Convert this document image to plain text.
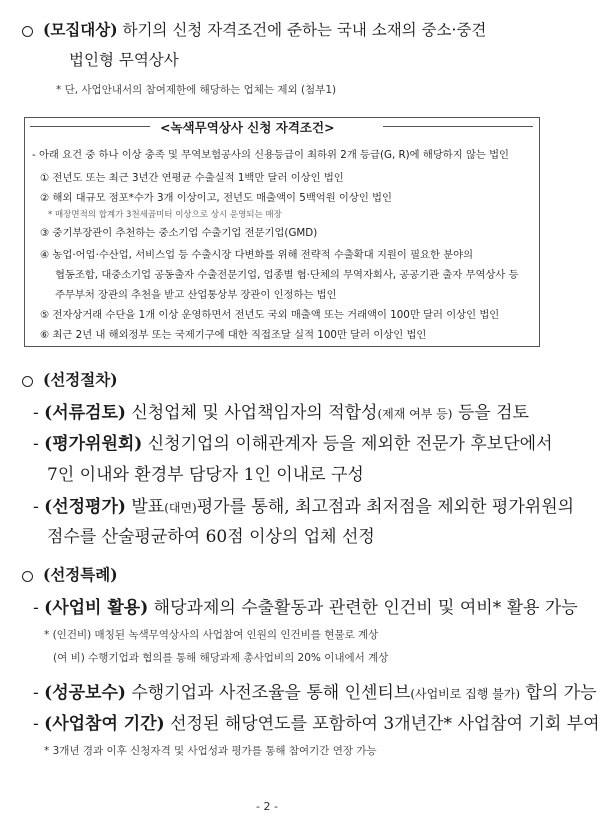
(모집대상) 하기의 신청 자격조건에 준하는 국내 소재의 중소·중견
법인형 무역상사
* 단, 사업안내서의 참여제한에 해당하는 업체는 제외 (첨부1)
<녹색무역상사 신청 자격조건>
- 아래 요건 중 하나 이상 충족 및 무역보험공사의 신용등급이 최하위 2개 등급(G, R)에 해당하지 않는 법인
① 전년도 또는 최근 3년간 연평균 수출실적 1백만 달러 이상인 법인
② 해외 대규모 점포*수가 3개 이상이고, 전년도 매출액이 5백억원 이상인 법인
* 매장면적의 합계가 3천세곱미터 이상으로 상시 운영되는 매장
③ 중기부장관이 추천하는 중소기업 수출기업 전문기업(GMD)
④ 농업·어업·수산업, 서비스업 등 수출시장 다변화를 위해 전략적 수출확대 지원이 필요한 분야의
협동조합, 대중소기업 공동출자 수출전문기업, 업종별 협·단체의 무역자회사, 공공기관 출자 무역상사 등
주무부처 장관의 추천을 받고 산업통상부 장관이 인정하는 법인
⑤ 전자상거래 수단을 1개 이상 운영하면서 전년도 국외 매출액 또는 거래액이 100만 달러 이상인 법인
⑥ 최근 2년 내 해외정부 또는 국제기구에 대한 직접조달 실적 100만 달러 이상인 법인
(선정절차)
- (서류검토) 신청업체 및 사업책임자의 적합성(제재 여부 등) 등을 검토
- (평가위원회) 신청기업의 이해관계자 등을 제외한 전문가 후보단에서
7인 이내와 환경부 담당자 1인 이내로 구성
- (선정평가) 발표(대면)평가를 통해, 최고점과 최저점을 제외한 평가위원의
점수를 산술평균하여 60점 이상의 업체 선정
(선정특례)
- (사업비 활용) 해당과제의 수출활동과 관련한 인건비 및 여비* 활용 가능
* (인건비) 매칭된 녹색무역상사의 사업참여 인원의 인건비를 현물로 계상
(여 비) 수행기업과 협의를 통해 해당과제 총사업비의 20% 이내에서 계상
- (성공보수) 수행기업과 사전조율을 통해 인센티브(사업비로 집행 불가) 합의 가능
- (사업참여 기간) 선정된 해당연도를 포함하여 3개년간* 사업참여 기회 부여
* 3개년 경과 이후 신청자격 및 사업성과 평가를 통해 참여기간 연장 가능
- 2 -
